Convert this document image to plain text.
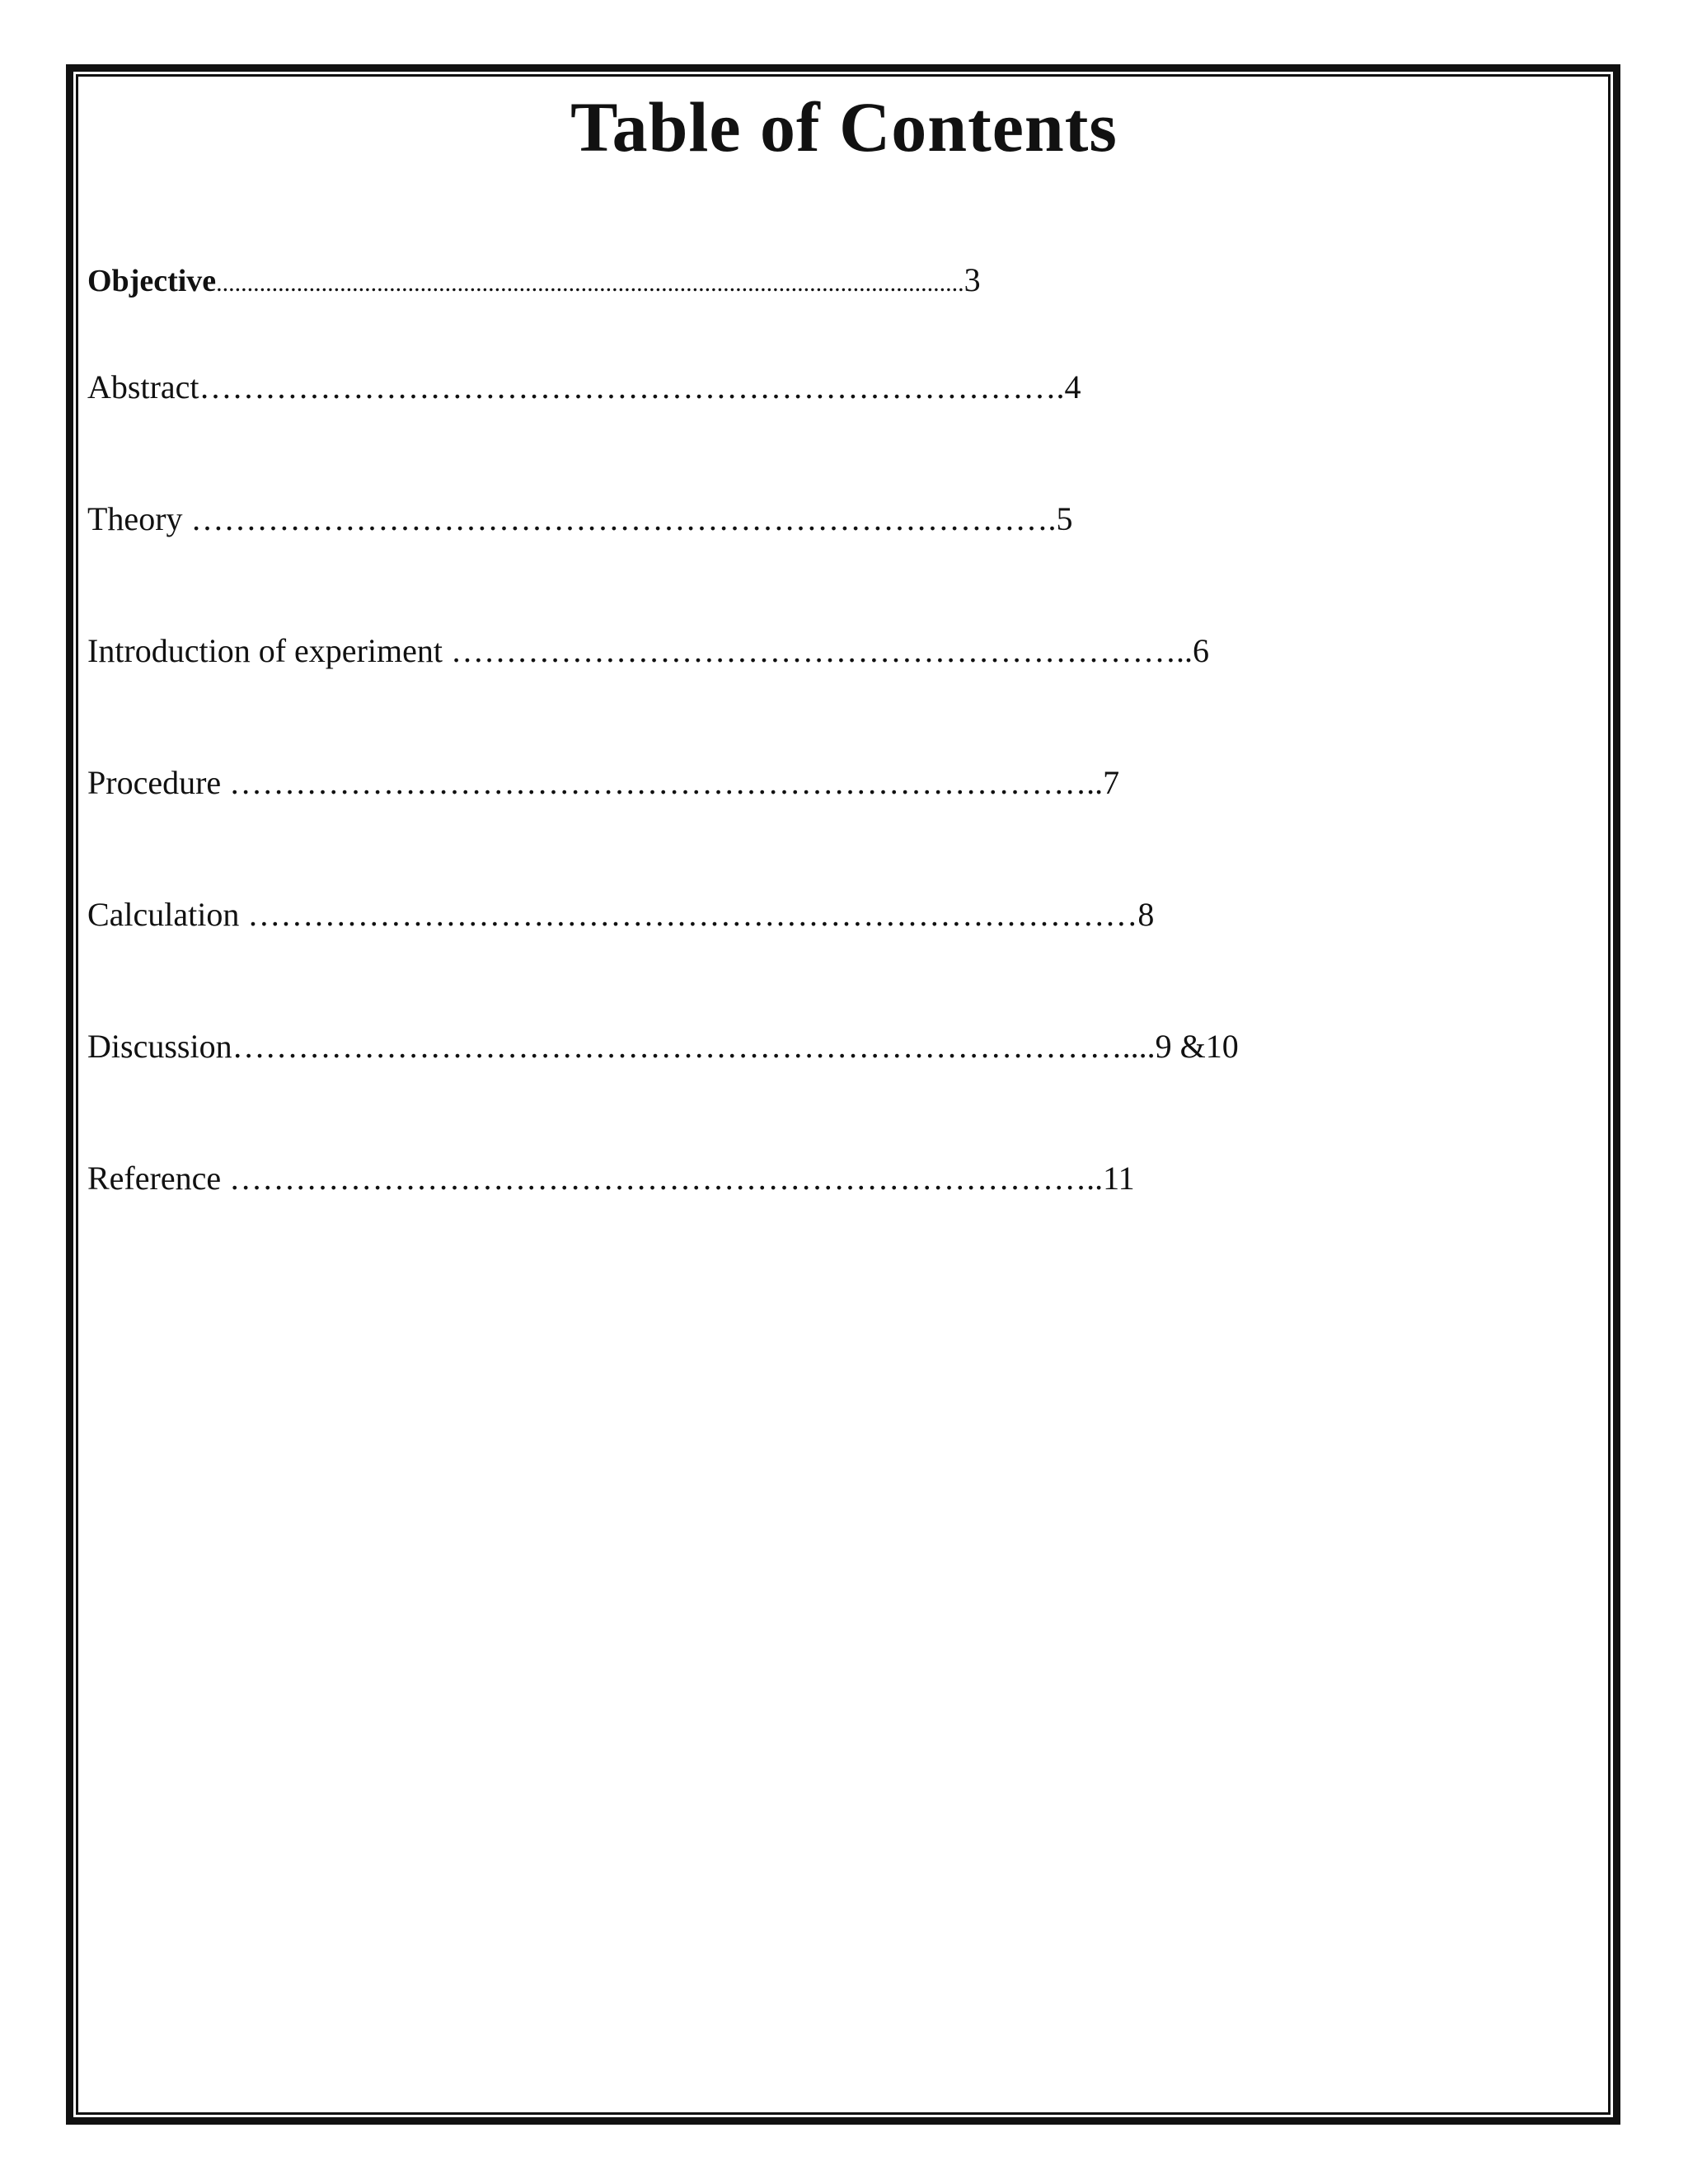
Table of Contents
Objective.........................................................................................................................3
Abstract…………………………………………………………………….4
Theory …………………………………………………………………….5
Introduction of experiment …………………………………………………………..6
Procedure ……………………………………………………………………..7
Calculation ………………………………………………………………………8
Discussion………………………………………………………………………....9 &10
Reference ……………………………………………………………………..11
